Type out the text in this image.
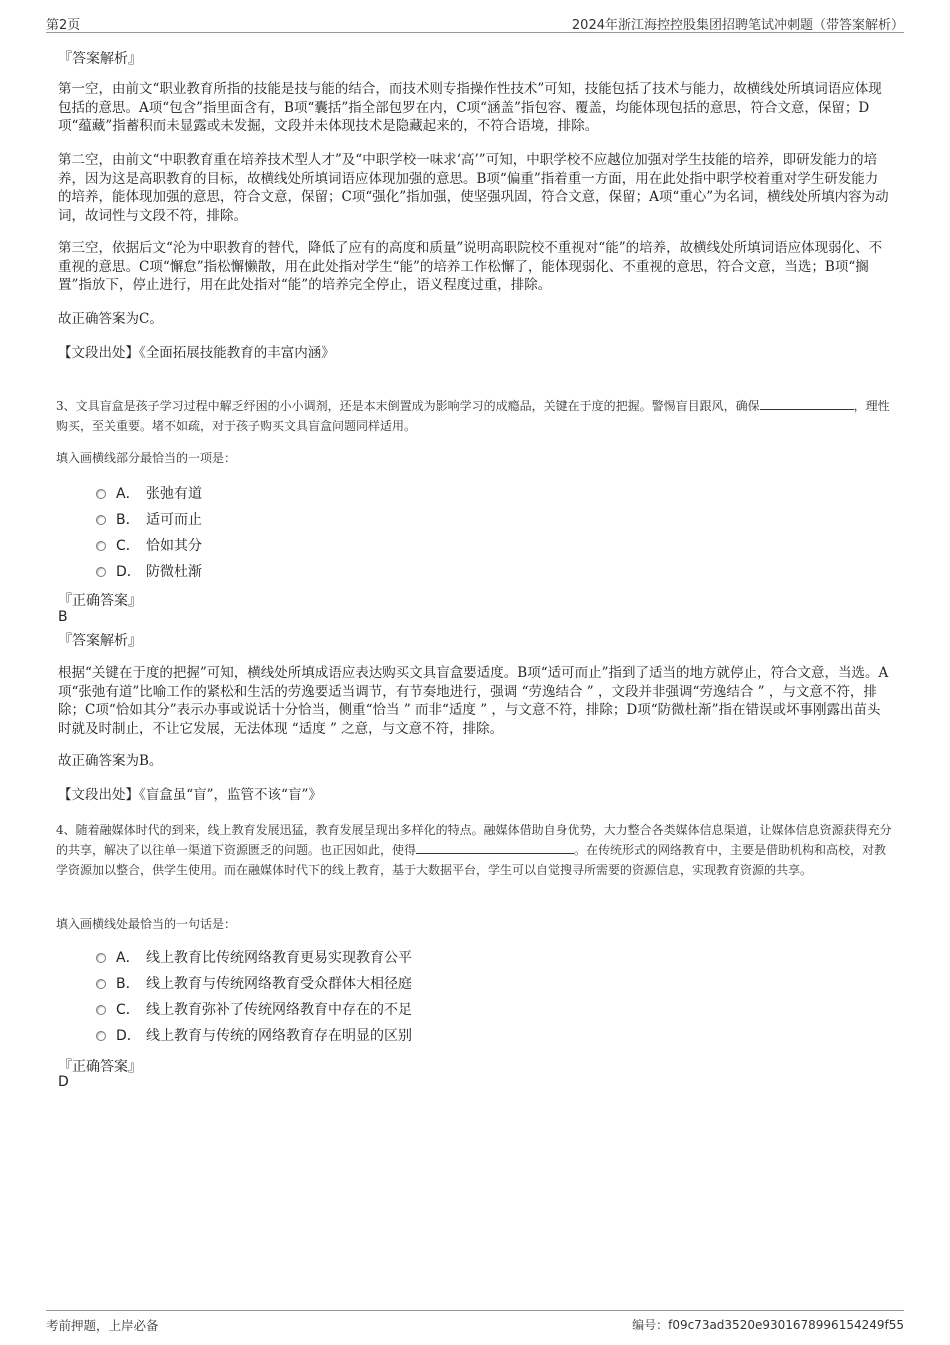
第2页	2024年浙江海控控股集团招聘笔试冲刺题（带答案解析）
『答案解析』
第一空，由前文“职业教育所指的技能是技与能的结合，而技术则专指操作性技术”可知，技能包括了技术与能力，故横线处所填词语应体现包括的意思。A项“包含”指里面含有，B项“囊括”指全部包罗在内，C项“涵盖”指包容、覆盖，均能体现包括的意思，符合文意，保留；D项“蕴藏”指蓄积而未显露或未发掘，文段并未体现技术是隐藏起来的，不符合语境，排除。
第二空，由前文“中职教育重在培养技术型人才”及“中职学校一味求‘高’”可知，中职学校不应越位加强对学生技能的培养，即研发能力的培养，因为这是高职教育的目标，故横线处所填词语应体现加强的意思。B项“偏重”指着重一方面，用在此处指中职学校着重对学生研发能力的培养，能体现加强的意思，符合文意，保留；C项“强化”指加强，使坚强巩固，符合文意，保留；A项“重心”为名词，横线处所填内容为动词，故词性与文段不符，排除。
第三空，依据后文“沦为中职教育的替代，降低了应有的高度和质量”说明高职院校不重视对“能”的培养，故横线处所填词语应体现弱化、不重视的意思。C项“懈怠”指松懈懒散，用在此处指对学生“能”的培养工作松懈了，能体现弱化、不重视的意思，符合文意，当选；B项“搁置”指放下，停止进行，用在此处指对“能”的培养完全停止，语义程度过重，排除。
故正确答案为C。
【文段出处】《全面拓展技能教育的丰富内涵》
3、文具盲盒是孩子学习过程中解乏纾困的小小调剂，还是本末倒置成为影响学习的成瘾品，关键在于度的把握。警惕盲目跟风，确保	，理性购买，至关重要。堵不如疏，对于孩子购买文具盲盒问题同样适用。
填入画横线部分最恰当的一项是：
A． 张弛有道
B． 适可而止
C． 恰如其分
D． 防微杜渐
『正确答案』
B
『答案解析』
根据“关键在于度的把握”可知，横线处所填成语应表达购买文具盲盒要适度。B项“适可而止”指到了适当的地方就停止，符合文意，当选。A项“张弛有道”比喻工作的紧松和生活的劳逸要适当调节，有节奏地进行，强调 “劳逸结合 ” ，文段并非强调“劳逸结合 ” ，与文意不符，排除；C项“恰如其分”表示办事或说话十分恰当，侧重“恰当 ” 而非“适度 ” ，与文意不符，排除；D项“防微杜渐”指在错误或坏事刚露出苗头时就及时制止，不让它发展，无法体现 “适度 ” 之意，与文意不符，排除。
故正确答案为B。
【文段出处】《盲盒虽“盲”，监管不该“盲”》
4、随着融媒体时代的到来，线上教育发展迅猛，教育发展呈现出多样化的特点。融媒体借助自身优势，大力整合各类媒体信息渠道，让媒体信息资源获得充分的共享，解决了以往单一渠道下资源匮乏的问题。也正因如此，使得	。在传统形式的网络教育中，主要是借助机构和高校，对教学资源加以整合，供学生使用。而在融媒体时代下的线上教育，基于大数据平台，学生可以自觉搜寻所需要的资源信息，实现教育资源的共享。
填入画横线处最恰当的一句话是：
A． 线上教育比传统网络教育更易实现教育公平
B． 线上教育与传统网络教育受众群体大相径庭
C． 线上教育弥补了传统网络教育中存在的不足
D． 线上教育与传统的网络教育存在明显的区别
『正确答案』
D
考前押题，上岸必备	编号：f09c73ad3520e9301678996154249f55
